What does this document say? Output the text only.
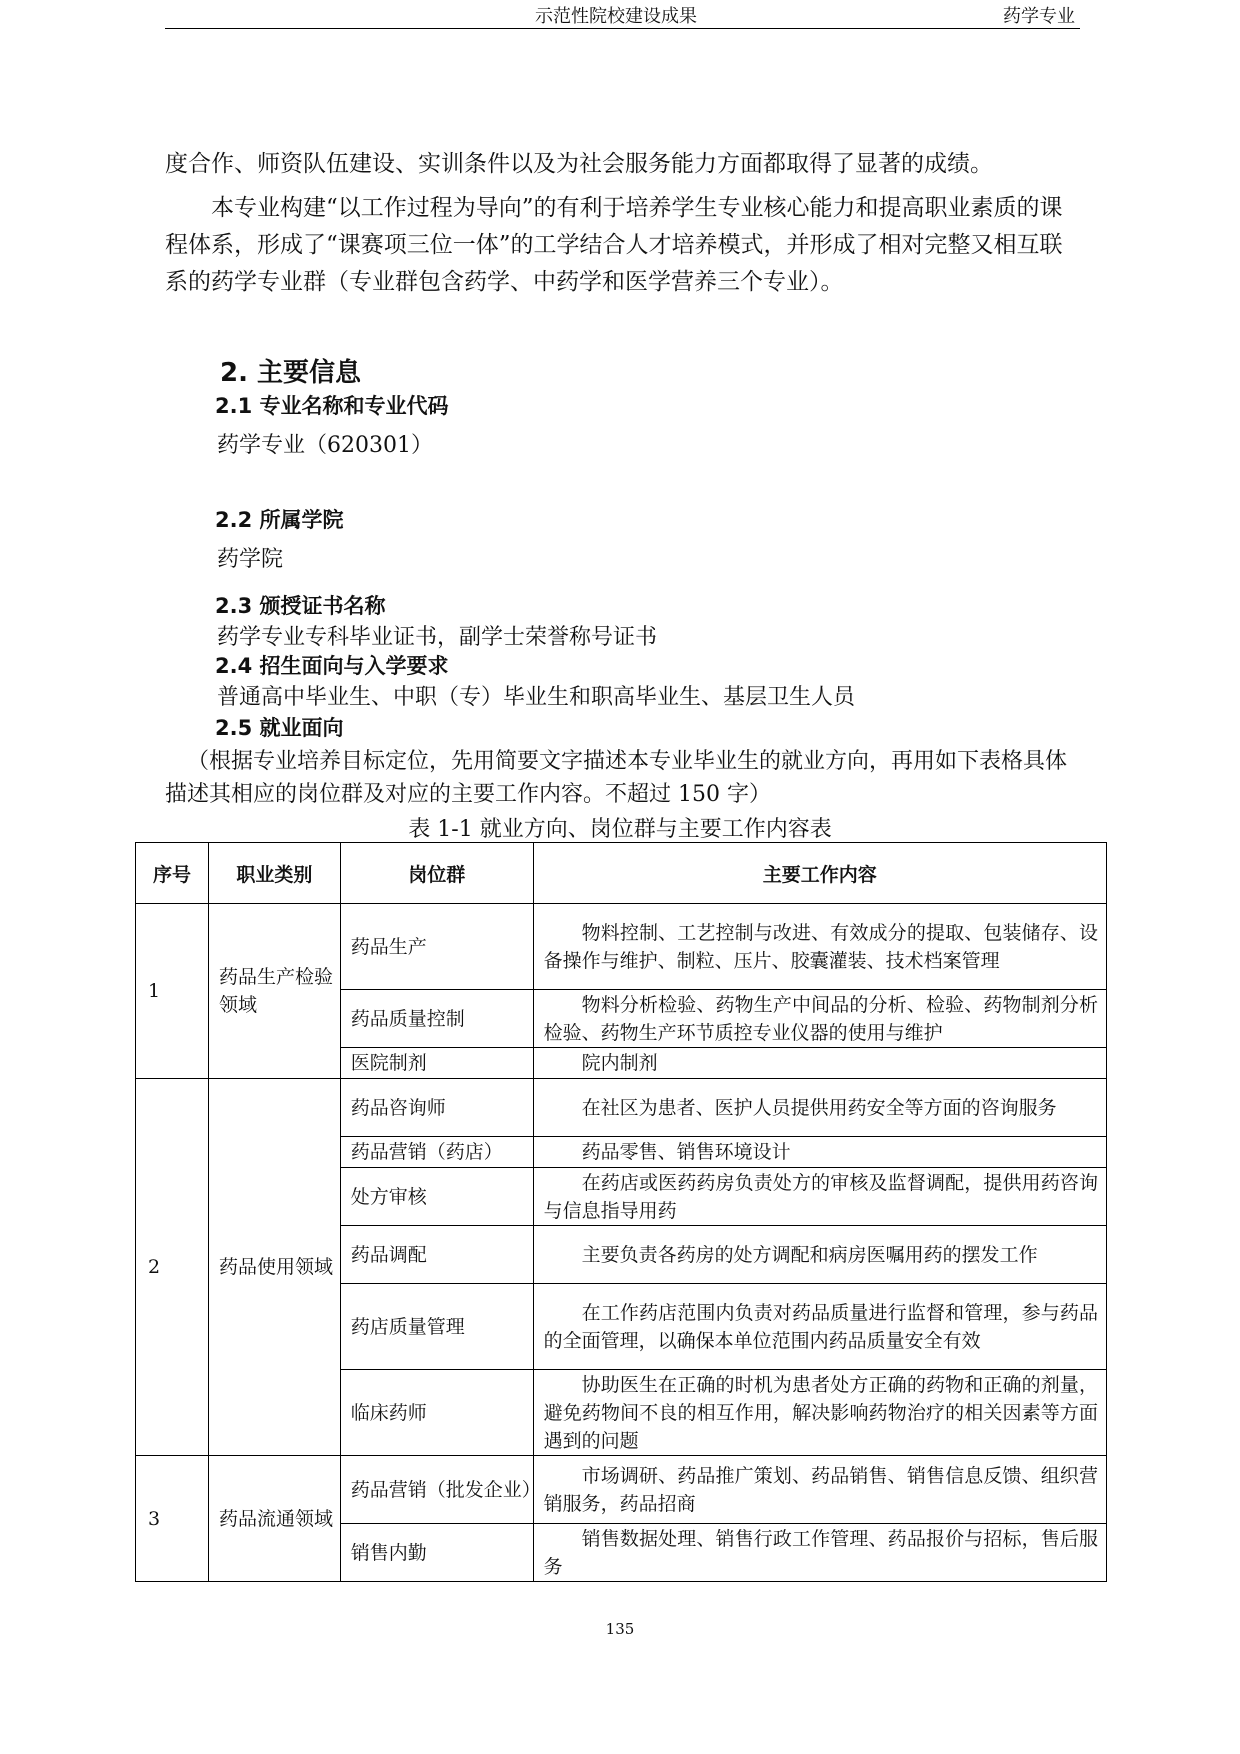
示范性院校建设成果	药学专业
度合作、师资队伍建设、实训条件以及为社会服务能力方面都取得了显著的成绩。
本专业构建“以工作过程为导向”的有利于培养学生专业核心能力和提高职业素质的课程体系，形成了“课赛项三位一体”的工学结合人才培养模式，并形成了相对完整又相互联系的药学专业群（专业群包含药学、中药学和医学营养三个专业）。
2. 主要信息
2.1 专业名称和专业代码
药学专业（620301）
2.2 所属学院
药学院
2.3 颁授证书名称
药学专业专科毕业证书，副学士荣誉称号证书
2.4 招生面向与入学要求
普通高中毕业生、中职（专）毕业生和职高毕业生、基层卫生人员
2.5 就业面向
（根据专业培养目标定位，先用简要文字描述本专业毕业生的就业方向，再用如下表格具体描述其相应的岗位群及对应的主要工作内容。不超过 150 字）
表 1-1 就业方向、岗位群与主要工作内容表
序号	职业类别	岗位群	主要工作内容
1	药品生产检验领域	药品生产	物料控制、工艺控制与改进、有效成分的提取、包装储存、设备操作与维护、制粒、压片、胶囊灌装、技术档案管理
		药品质量控制	物料分析检验、药物生产中间品的分析、检验、药物制剂分析检验、药物生产环节质控专业仪器的使用与维护
		医院制剂	院内制剂
2	药品使用领域	药品咨询师	在社区为患者、医护人员提供用药安全等方面的咨询服务
		药品营销（药店）	药品零售、销售环境设计
		处方审核	在药店或医药药房负责处方的审核及监督调配，提供用药咨询与信息指导用药
		药品调配	主要负责各药房的处方调配和病房医嘱用药的摆发工作
		药店质量管理	在工作药店范围内负责对药品质量进行监督和管理，参与药品的全面管理，以确保本单位范围内药品质量安全有效
		临床药师	协助医生在正确的时机为患者处方正确的药物和正确的剂量，避免药物间不良的相互作用，解决影响药物治疗的相关因素等方面遇到的问题
3	药品流通领域	药品营销（批发企业）	市场调研、药品推广策划、药品销售、销售信息反馈、组织营销服务，药品招商
		销售内勤	销售数据处理、销售行政工作管理、药品报价与招标，售后服务
135
